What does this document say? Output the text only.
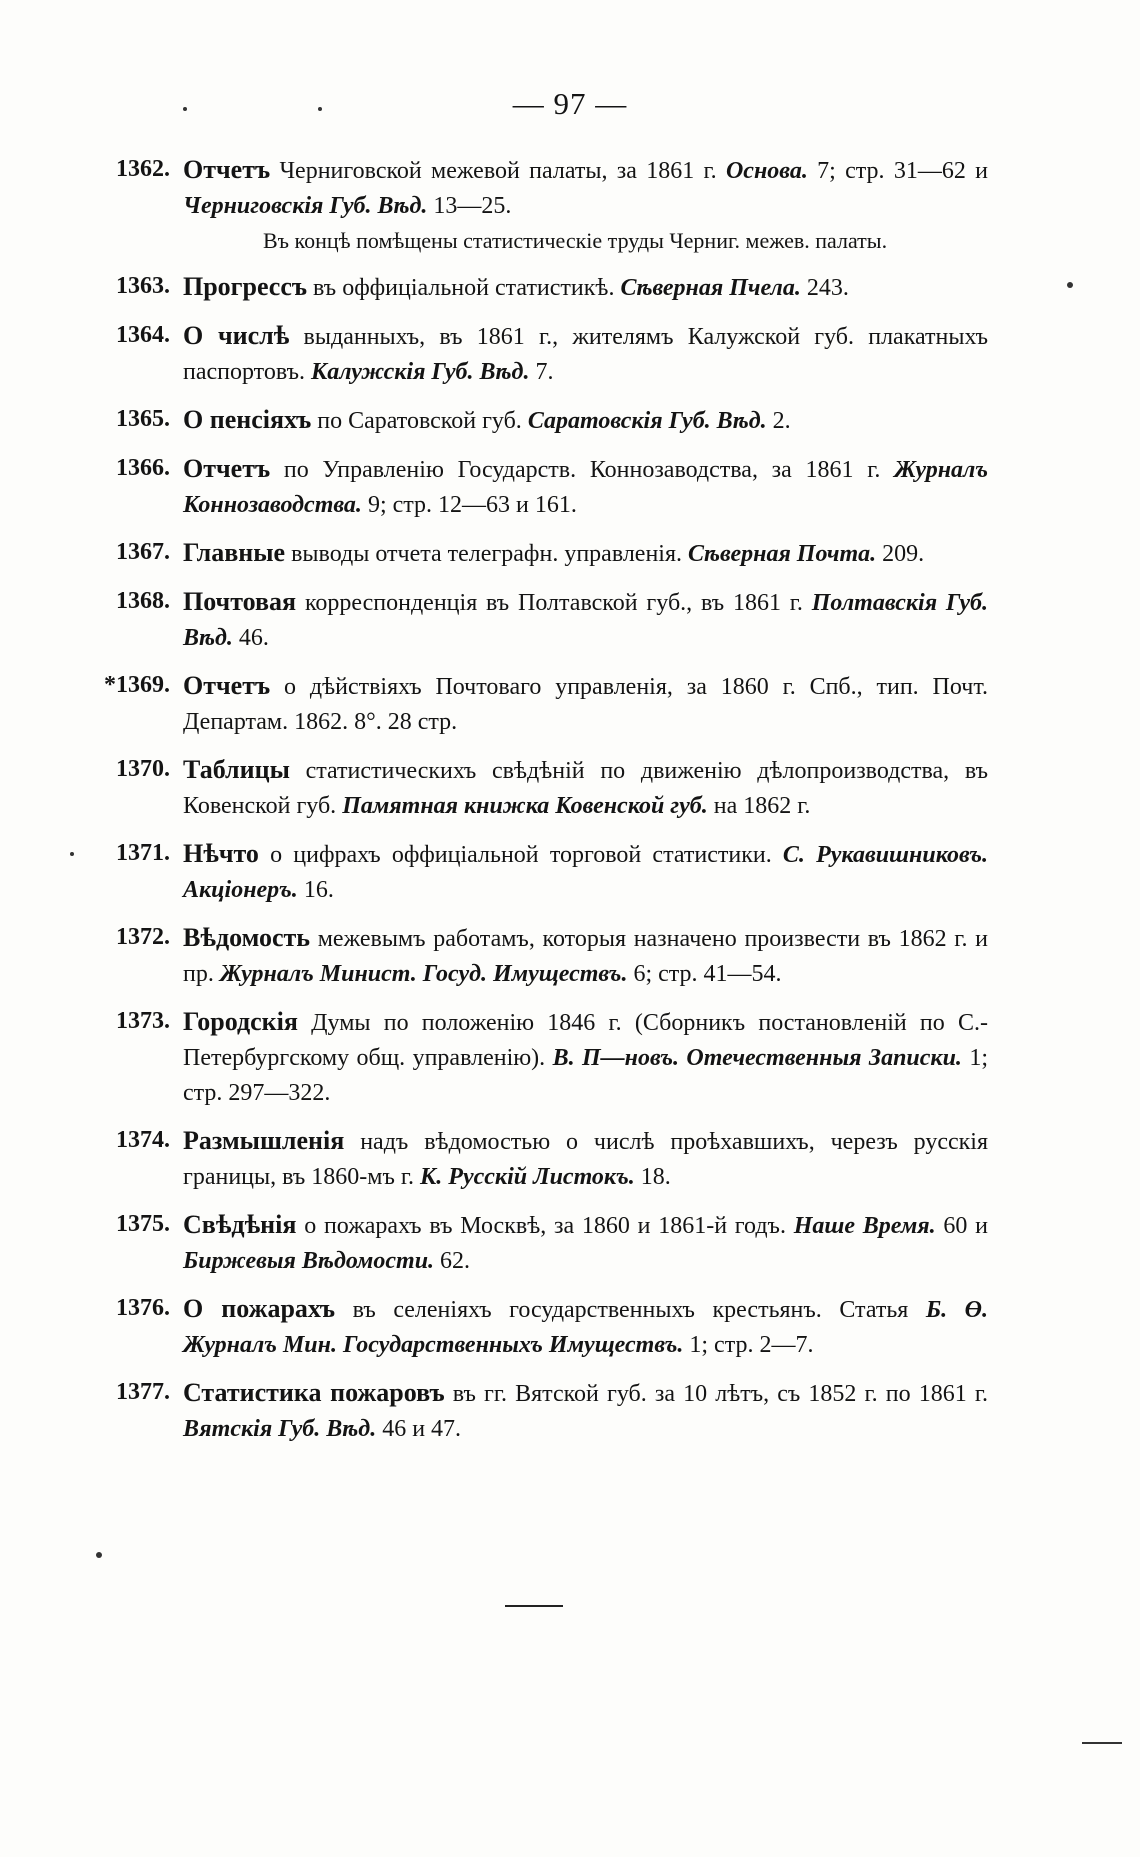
— 97 —
1362. Отчетъ Черниговской межевой палаты, за 1861 г. Основа. 7; стр. 31—62 и Черниговскія Губ. Вѣд. 13—25.
Въ концѣ помѣщены статистическіе труды Черниг. межев. палаты.
1363. Прогрессъ въ оффиціальной статистикѣ. Сѣверная Пчела. 243.
1364. О числѣ выданныхъ, въ 1861 г., жителямъ Калужской губ. плакатныхъ паспортовъ. Калужскія Губ. Вѣд. 7.
1365. О пенсіяхъ по Саратовской губ. Саратовскія Губ. Вѣд. 2.
1366. Отчетъ по Управленію Государств. Коннозаводства, за 1861 г. Журналъ Коннозаводства. 9; стр. 12—63 и 161.
1367. Главные выводы отчета телеграфн. управленія. Сѣверная Почта. 209.
1368. Почтовая корреспонденція въ Полтавской губ., въ 1861 г. Полтавскія Губ. Вѣд. 46.
*1369. Отчетъ о дѣйствіяхъ Почтоваго управленія, за 1860 г. Спб., тип. Почт. Департам. 1862. 8°. 28 стр.
1370. Таблицы статистическихъ свѣдѣній по движенію дѣлопроизводства, въ Ковенской губ. Памятная книжка Ковенской губ. на 1862 г.
1371. Нѣчто о цифрахъ оффиціальной торговой статистики. С. Рукавишниковъ. Акціонеръ. 16.
1372. Вѣдомость межевымъ работамъ, которыя назначено произвести въ 1862 г. и пр. Журналъ Минист. Госуд. Имуществъ. 6; стр. 41—54.
1373. Городскія Думы по положенію 1846 г. (Сборникъ постановленій по С.-Петербургскому общ. управленію). В. П—новъ. Отечественныя Записки. 1; стр. 297—322.
1374. Размышленія надъ вѣдомостью о числѣ проѣхавшихъ, черезъ русскія границы, въ 1860-мъ г. К. Русскій Листокъ. 18.
1375. Свѣдѣнія о пожарахъ въ Москвѣ, за 1860 и 1861-й годъ. Наше Время. 60 и Биржевыя Вѣдомости. 62.
1376. О пожарахъ въ селеніяхъ государственныхъ крестьянъ. Статья Б. Ө. Журналъ Мин. Государственныхъ Имуществъ. 1; стр. 2—7.
1377. Статистика пожаровъ въ гг. Вятской губ. за 10 лѣтъ, съ 1852 г. по 1861 г. Вятскія Губ. Вѣд. 46 и 47.
